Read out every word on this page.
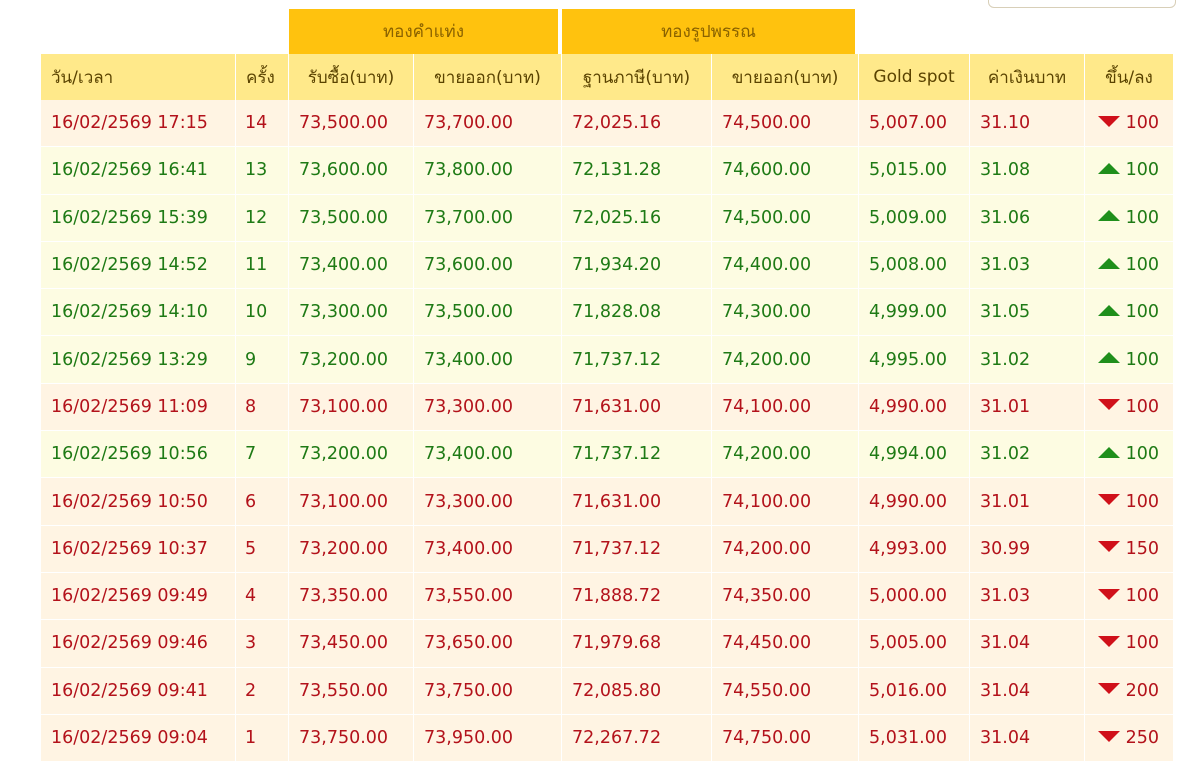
		ทองคำแท่ง		ทองรูปพรรณ				
วัน/เวลา	ครั้ง	รับซื้อ(บาท)	ขายออก(บาท)	ฐานภาษี(บาท)	ขายออก(บาท)	Gold spot	ค่าเงินบาท	ขึ้น/ลง
16/02/2569 17:15	14	73,500.00	73,700.00	72,025.16	74,500.00	5,007.00	31.10	100
16/02/2569 16:41	13	73,600.00	73,800.00	72,131.28	74,600.00	5,015.00	31.08	100
16/02/2569 15:39	12	73,500.00	73,700.00	72,025.16	74,500.00	5,009.00	31.06	100
16/02/2569 14:52	11	73,400.00	73,600.00	71,934.20	74,400.00	5,008.00	31.03	100
16/02/2569 14:10	10	73,300.00	73,500.00	71,828.08	74,300.00	4,999.00	31.05	100
16/02/2569 13:29	9	73,200.00	73,400.00	71,737.12	74,200.00	4,995.00	31.02	100
16/02/2569 11:09	8	73,100.00	73,300.00	71,631.00	74,100.00	4,990.00	31.01	100
16/02/2569 10:56	7	73,200.00	73,400.00	71,737.12	74,200.00	4,994.00	31.02	100
16/02/2569 10:50	6	73,100.00	73,300.00	71,631.00	74,100.00	4,990.00	31.01	100
16/02/2569 10:37	5	73,200.00	73,400.00	71,737.12	74,200.00	4,993.00	30.99	150
16/02/2569 09:49	4	73,350.00	73,550.00	71,888.72	74,350.00	5,000.00	31.03	100
16/02/2569 09:46	3	73,450.00	73,650.00	71,979.68	74,450.00	5,005.00	31.04	100
16/02/2569 09:41	2	73,550.00	73,750.00	72,085.80	74,550.00	5,016.00	31.04	200
16/02/2569 09:04	1	73,750.00	73,950.00	72,267.72	74,750.00	5,031.00	31.04	250
